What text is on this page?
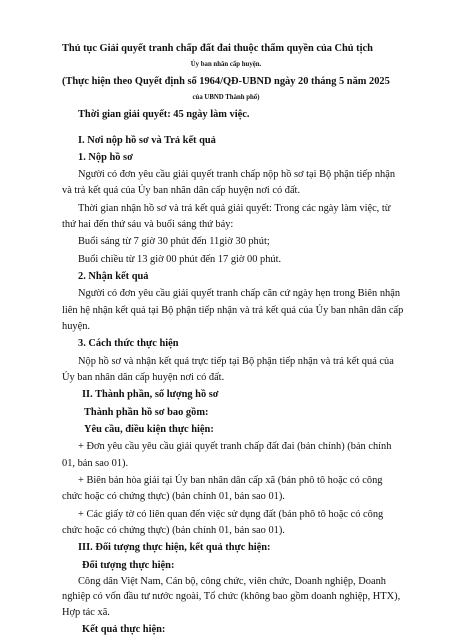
Thủ tục Giải quyết tranh chấp đất đai thuộc thẩm quyền của Chủ tịch
Ủy ban nhân cấp huyện.
(Thực hiện theo Quyết định số 1964/QĐ-UBND ngày 20 tháng 5 năm 2025
của UBND Thành phố)
Thời gian giải quyết: 45 ngày làm việc.
I. Nơi nộp hồ sơ và Trả kết quả
1. Nộp hồ sơ
Người có đơn yêu cầu giải quyết tranh chấp nộp hồ sơ tại Bộ phận tiếp nhận
và trả kết quả của Ủy ban nhân dân cấp huyện nơi có đất.
Thời gian nhận hồ sơ và trả kết quả giải quyết: Trong các ngày làm việc, từ
thứ hai đến thứ sáu và buổi sáng thứ bảy:
Buổi sáng từ 7 giờ 30 phút đến 11giờ 30 phút;
Buổi chiều từ 13 giờ 00 phút đến 17 giờ 00 phút.
2. Nhận kết quả
Người có đơn yêu cầu giải quyết tranh chấp căn cứ ngày hẹn trong Biên nhận
liên hệ nhận kết quả tại Bộ phận tiếp nhận và trả kết quả của Ủy ban nhân dân cấp
huyện.
3. Cách thức thực hiện
Nộp hồ sơ và nhận kết quả trực tiếp tại Bộ phận tiếp nhận và trả kết quả của
Ủy ban nhân dân cấp huyện nơi có đất.
II. Thành phần, số lượng hồ sơ
Thành phần hồ sơ bao gồm:
Yêu cầu, điều kiện thực hiện:
+ Đơn yêu cầu yêu cầu giải quyết tranh chấp đất đai (bản chính) (bản chính
01, bản sao 01).
+ Biên bản hòa giải tại Ủy ban nhân dân cấp xã (bản phô tô hoặc có công
chức hoặc có chứng thực) (bản chính 01, bản sao 01).
+ Các giấy tờ có liên quan đến việc sử dụng đất (bản phô tô hoặc có công
chức hoặc có chứng thực) (bản chính 01, bản sao 01).
III. Đối tượng thực hiện, kết quả thực hiện:
Đối tượng thực hiện:
Công dân Việt Nam, Cán bộ, công chức, viên chức, Doanh nghiệp, Doanh
nghiệp có vốn đầu tư nước ngoài, Tổ chức (không bao gồm doanh nghiệp, HTX),
Hợp tác xã.
Kết quả thực hiện:
